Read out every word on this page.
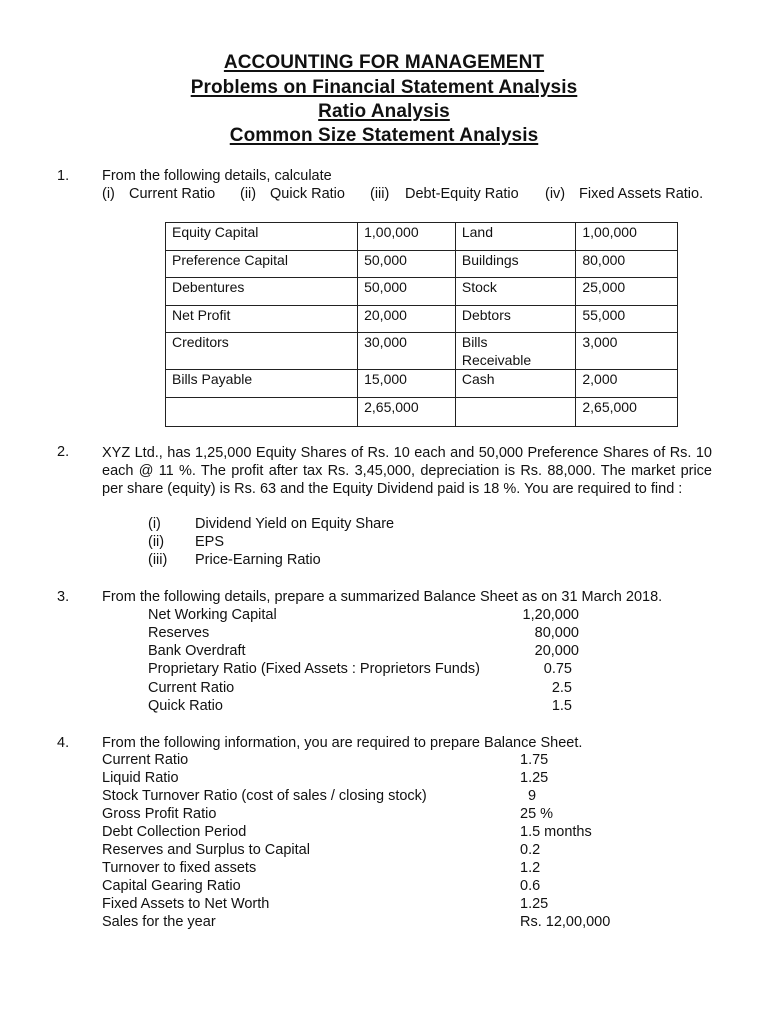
ACCOUNTING FOR MANAGEMENT
Problems on Financial Statement Analysis
Ratio Analysis
Common Size Statement Analysis
1. From the following details, calculate
(i) Current Ratio (ii) Quick Ratio (iii) Debt-Equity Ratio (iv) Fixed Assets Ratio.
Equity Capital	1,00,000	Land	1,00,000
Preference Capital	50,000	Buildings	80,000
Debentures	50,000	Stock	25,000
Net Profit	20,000	Debtors	55,000
Creditors	30,000	Bills Receivable	3,000
Bills Payable	15,000	Cash	2,000
	2,65,000		2,65,000
2. XYZ Ltd., has 1,25,000 Equity Shares of Rs. 10 each and 50,000 Preference Shares of Rs. 10 each @ 11 %. The profit after tax Rs. 3,45,000, depreciation is Rs. 88,000. The market price per share (equity) is Rs. 63 and the Equity Dividend paid is 18 %. You are required to find :
(i) Dividend Yield on Equity Share
(ii) EPS
(iii) Price-Earning Ratio
3. From the following details, prepare a summarized Balance Sheet as on 31 March 2018.
Net Working Capital	1,20,000
Reserves	80,000
Bank Overdraft	20,000
Proprietary Ratio (Fixed Assets : Proprietors Funds)	0.75
Current Ratio	2.5
Quick Ratio	1.5
4. From the following information, you are required to prepare Balance Sheet.
Current Ratio	1.75
Liquid Ratio	1.25
Stock Turnover Ratio (cost of sales / closing stock)	9
Gross Profit Ratio	25 %
Debt Collection Period	1.5 months
Reserves and Surplus to Capital	0.2
Turnover to fixed assets	1.2
Capital Gearing Ratio	0.6
Fixed Assets to Net Worth	1.25
Sales for the year	Rs. 12,00,000
